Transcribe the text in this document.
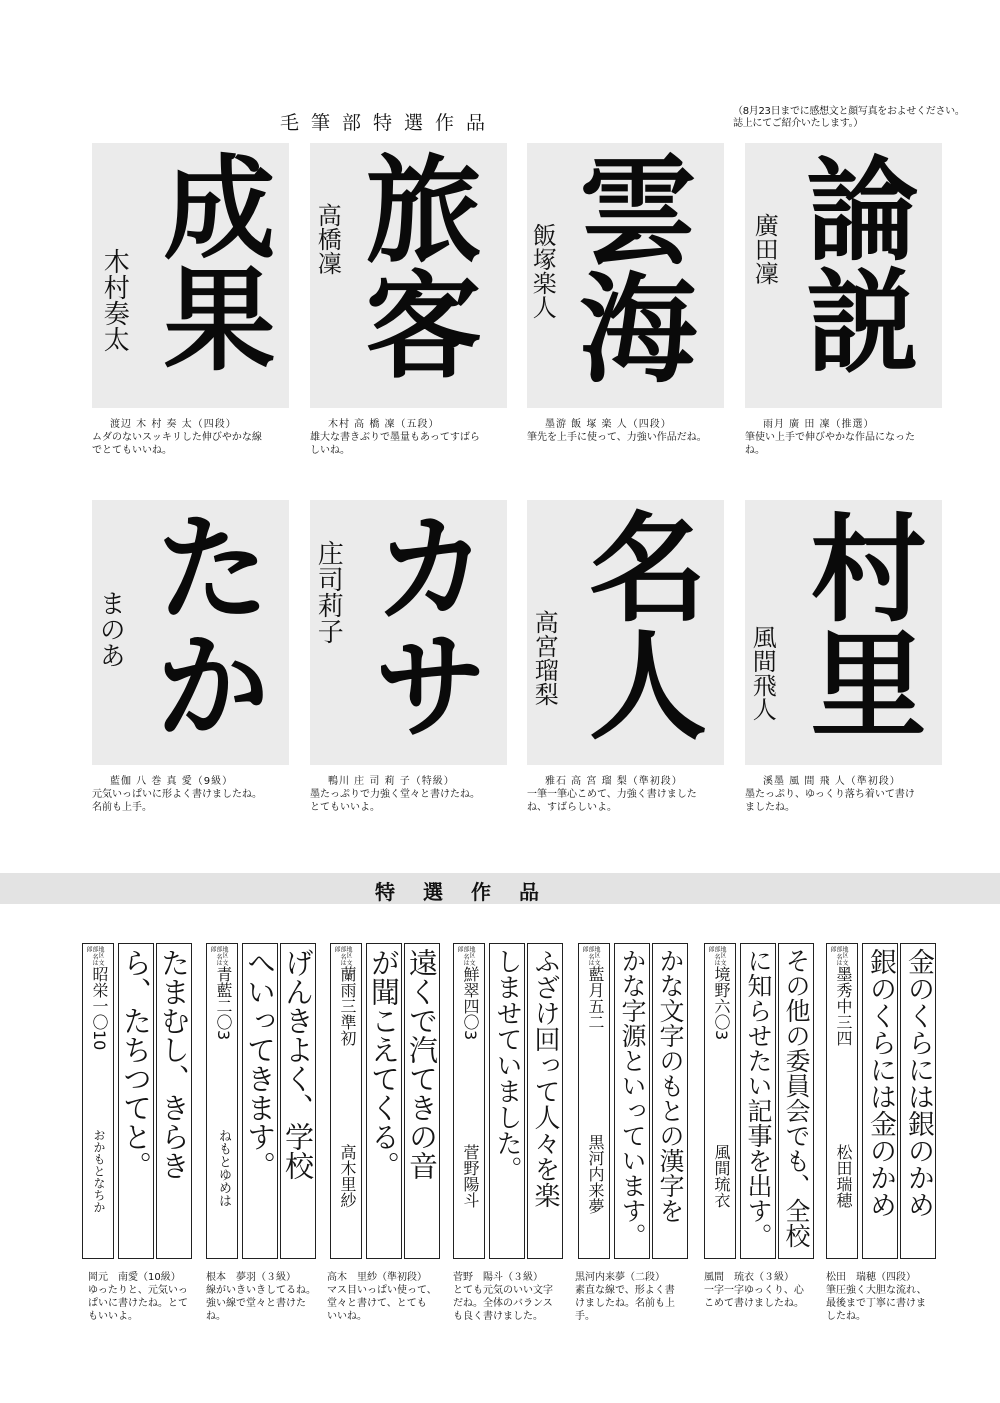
毛筆部特選作品
（8月23日までに感想文と顔写真をおよせください。誌上にてご紹介いたします。）
成果
木村奏太
渡辺 木 村 奏 太（四段）
ムダのないスッキリした伸びやかな線
でとてもいいね。
旅客
高橋凜
木村 高 橋 凜（五段）
雄大な書きぶりで墨量もあってすばら
しいね。
雲海
飯塚楽人
墨游 飯 塚 楽 人（四段）
筆先を上手に使って、力強い作品だね。
論説
廣田凜
雨月 廣 田 凜（推選）
筆使い上手で伸びやかな作品になった
ね。
たか
まのあ
藍伽 八 巻 真 愛（9級）
元気いっぱいに形よく書けましたね。
名前も上手。
カサ
庄司莉子
鴨川 庄 司 莉 子（特級）
墨たっぷりで力強く堂々と書けたね。
とてもいいよ。
名人
高宮瑠梨
雅石 高 宮 瑠 梨（準初段）
一筆一筆心こめて、力強く書けました
ね、すばらしいよ。
村里
風間飛人
溪墨 風 間 飛 人（準初段）
墨たっぷり、ゆっくり落ち着いて書け
ましたね。
特選作品
たまむし、きらき
ら、たちつてと。
地区 文部 名は郎
昭栄一〇10
おかもとなちか
岡元　南愛（10級）
ゆったりと、元気いっ
ぱいに書けたね。とて
もいいよ。
げんきよく、学校
へいってきます。
地区 文部 名は郎
青藍二〇3
ねもとゆめは
根本　夢羽（３級）
線がいきいきしてるね。
強い線で堂々と書けた
ね。
遠くで汽てきの音
が聞こえてくる。
地区 文部 名は郎
蘭雨三準初
高木里紗
高木　里紗（準初段）
マス目いっぱい使って、
堂々と書けて、とても
いいね。
ふざけ回って人々を楽
しませていました。
地区 文部 名は郎
鮮翠四〇3
菅野陽斗
菅野　陽斗（３級）
とても元気のいい文字
だね。全体のバランス
も良く書けました。
かな文字のもとの漢字を
かな字源といっています。
地区 文部 名は郎
藍月五二
黒河内来夢
黒河内来夢（二段）
素直な線で、形よく書
けましたね。名前も上
手。
その他の委員会でも、全校
に知らせたい記事を出す。
地区 文部 名は郎
境野六〇3
風間琉衣
風間　琉衣（３級）
一字一字ゆっくり、心
こめて書けましたね。
金のくらには銀のかめ
銀のくらには金のかめ
地区 文部 名は郎
墨秀中三四
松田瑞穂
松田　瑞穂（四段）
筆圧強く大胆な流れ、
最後まで丁寧に書けま
したね。
